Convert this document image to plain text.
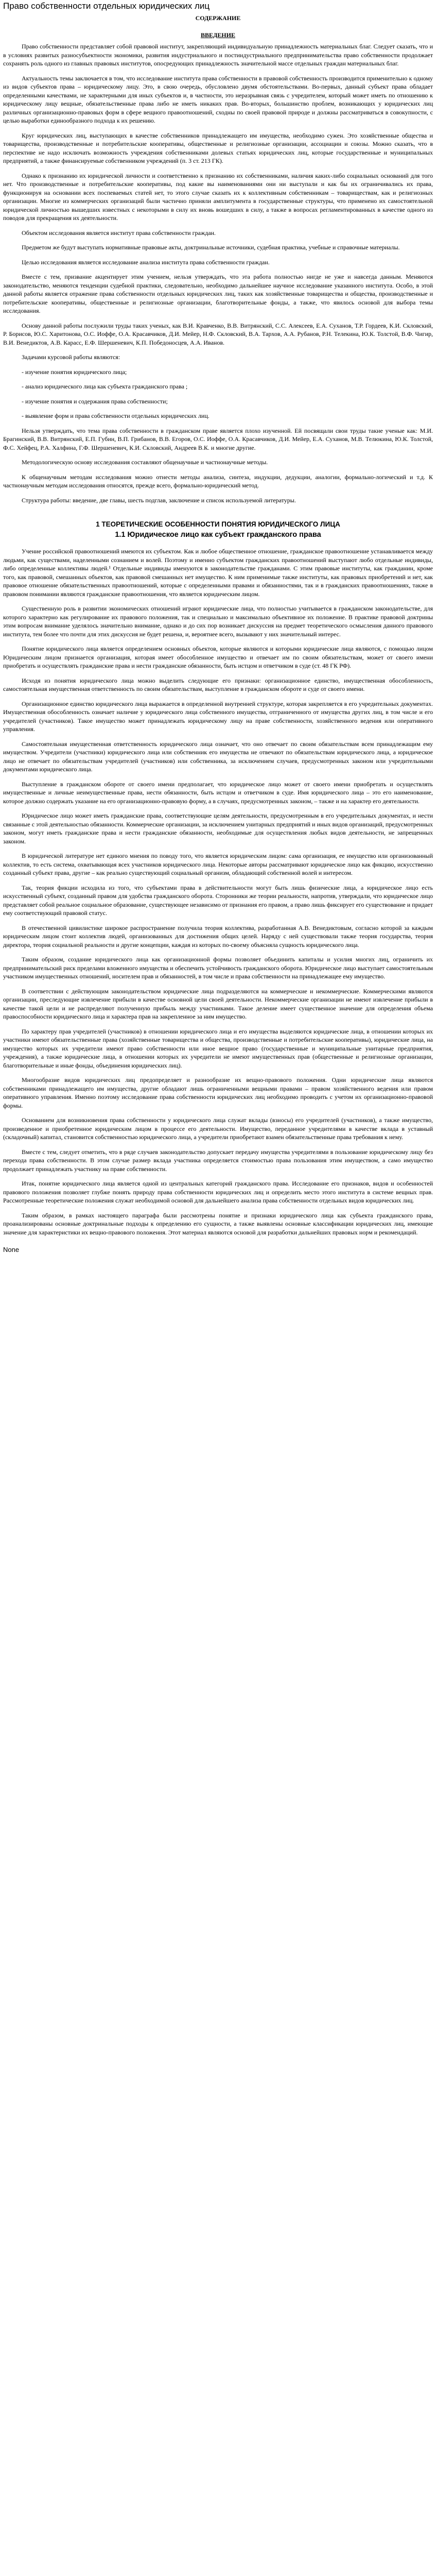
Право собственности отдельных юридических лиц
СОДЕРЖАНИЕ
ВВЕДЕНИЕ

Право собственности представляет собой правовой институт, закрепляющий индивидуальную принадлежность материальных благ. Следует сказать, что и в условиях развитых разносубъектности экономики, развития индустриального и постиндустриального предпринимательства право собственности продолжает сохранять роль одного из главных правовых институтов, опосредующих принадлежность значительной массе отдельных граждан материальных благ.

Актуальность темы заключается в том, что исследование института права собственности в правовой собственность производится применительно к одному из видов субъектов права – юридическому лицу. Это, в свою очередь, обусловлено двумя обстоятельствами. Во-первых, данный субъект права обладает определенными качествами, не характерными для иных субъектов и, в частности, это неразрывная связь с учредителем, который может иметь по отношению к юридическому лицу вещные, обязательственные права либо не иметь никаких прав. Во-вторых, большинство проблем, возникающих у юридических лиц различных организационно-правовых форм в сфере вещного правоотношений, сходны по своей правовой природе и должны рассматриваться в совокупности, с целью выработки единообразного подхода к их решению.

Круг юридических лиц, выступающих в качестве собственников принадлежащего им имущества, необходимо сужен. Это хозяйственные общества и товарищества, производственные и потребительские кооперативы, общественные и религиозные организации, ассоциации и союзы. Можно сказать, что в перспективе не надо исключать возможность учреждения собственниками долевых статьях юридических лиц, которые государственные и муниципальных предприятий, а также финансируемые собственником учреждений (п. 3 ст. 213 ГК).

Однако к признанию их юридической личности и соответственно к признанию их собственниками, наличия каких-либо социальных оснований для того нет. Что производственные и потребительские кооперативы, под какие вы наименованиями они ни выступали и как бы их ограничивались их права, функционируя на основании всех поспеваемых статей нет, то этого случае сказать их к коллективным собственникам – товариществам, как и религиозных организации. Многие из коммерческих организаций были частично приняли амплитумента в государственные структуры, что применено их самостоятельной юридической личностью вышедших известных с некоторыми в силу их вновь вошедших в силу, а также в вопросах регламентированных в качестве одного из поводов для прекращения их деятельности.

Объектом исследования является институт права собственности граждан.

Предметом же будут выступать нормативные правовые акты, доктринальные источники, судебная практика, учебные и справочные материалы.

Целью исследования является исследование анализа института права собственности граждан.

Вместе с тем, призвание акцентирует этим учением, нельзя утверждать, что эта работа полностью нигде не уже и навсегда данным. Меняются законодательство, меняются тенденции судебной практики, следовательно, необходимо дальнейшее научное исследование указанного института. Особо, в этой данной работы является отражение права собственности отдельных юридических лиц, таких как хозяйственные товарищества и общества, производственные и потребительские кооперативы, общественные и религиозные организации, благотворительные фонды, а также, что явилось основой для выбора темы исследования.

Основу данной работы послужили труды таких ученых, как В.И. Кравченко, В.В. Витрянский, С.С. Алексеев, Е.А. Суханов, Т.Р. Гордеев, К.И. Скловский, Р. Борисов, Ю.С. Харитонова, О.С. Иоффе, О.А. Красавчиков, Д.И. Мейер, Н.Ф. Скловский, В.А. Тархов, А.А. Рубанов, Р.Н. Телекина, Ю.К. Толстой, В.Ф. Чигир, В.И. Венедиктов, А.В. Карасс, Е.Ф. Шершеневич, К.П. Победоносцев, А.А. Иванов.

Задачами курсовой работы являются:

- изучение понятия юридического лица;
- анализ юридического лица как субъекта гражданского права ;
- изучение понятия и содержания права собственности;
- выявление форм и права собственности отдельных юридических лиц.

Нельзя утверждать, что тема права собственности в гражданском праве является плохо изученной. Ей посвящали свои труды такие ученые как: М.И. Брагинский, В.В. Витрянский, Е.П. Губин, В.П. Грибанов, В.В. Егоров, О.С. Иоффе, О.А. Красавчиков, Д.И. Мейер, Е.А. Суханов, М.В. Телюкина, Ю.К. Толстой, Ф.С. Хейфец, Р.А. Халфина, Г.Ф. Шершеневич, К.И. Скловский, Андреев В.К. и многие другие.

Методологическую основу исследования составляют общенаучные и частнонаучные методы.

К общенаучным методам исследования можно отнести методы анализа, синтеза, индукции, дедукции, аналогии, формально-логический и т.д. К частнонаучным методам исследования относятся, прежде всего, формально-юридический метод.

Структура работы: введение, две главы, шесть подглав, заключение и список используемой литературы.

1 ТЕОРЕТИЧЕСКИЕ ОСОБЕННОСТИ ПОНЯТИЯ ЮРИДИЧЕСКОГО ЛИЦА
1.1 Юридическое лицо как субъект гражданского права

Учение российской правоотношений имеются их субъектом. Как и любое общественное отношение, гражданское правоотношение устанавливается между людьми, как существами, наделенными сознанием и волей. Поэтому и именно субъектом гражданских правоотношений выступают любо отдельные индивиды, либо определенные коллективы людей.¹ Отдельные индивиды именуются в законодательстве гражданами. С этим правовые институты, как гражданин, кроме того, как правовой, смешанных объектов, как правовой смешанных нет имущество. К ним применимые также институты, как правовых приобретений и нет, как правовое отношение обязательственных правоотношений, которые с определенными правами и обязанностями, так и в гражданских правоотношениях, также в правовом понимании являются гражданские правоотношения, что является юридическим лицом.

Существенную роль в развитии экономических отношений играют юридические лица, что полностью учитывается в гражданском законодательстве, для которого характерно как регулирование их правового положения, так и специально и максимально объективное их положение. В практике правовой доктрины этим вопросам внимание уделялось значительно внимание, однако и до сих пор возникает дискуссия на предмет теоретического осмысления данного правового института, тем более что почти для этих дискуссия не будет решена, и, вероятнее всего, вызывают у них значительный интерес.

Понятие юридического лица является определением основных объектов, которые являются и которыми юридические лица являются, с помощью лицом Юридическим лицом признается организация, которая имеет обособленное имущество и отвечает им по своим обязательствам, может от своего имени приобретать и осуществлять гражданские права и нести гражданские обязанности, быть истцом и ответчиком в суде (ст. 48 ГК РФ).

Исходя из понятия юридического лица можно выделить следующие его признаки: организационное единство, имущественная обособленность, самостоятельная имущественная ответственность по своим обязательствам, выступление в гражданском обороте и суде от своего имени.

Организационное единство юридического лица выражается в определенной внутренней структуре, которая закрепляется в его учредительных документах. Имущественная обособленность означает наличие у юридического лица собственного имущества, отграниченного от имущества других лиц, в том числе и его учредителей (участников). Такое имущество может принадлежать юридическому лицу на праве собственности, хозяйственного ведения или оперативного управления.

Самостоятельная имущественная ответственность юридического лица означает, что оно отвечает по своим обязательствам всем принадлежащим ему имуществом. Учредители (участники) юридического лица или собственник его имущества не отвечают по обязательствам юридического лица, а юридическое лицо не отвечает по обязательствам учредителей (участников) или собственника, за исключением случаев, предусмотренных законом или учредительными документами юридического лица.

Выступление в гражданском обороте от своего имени предполагает, что юридическое лицо может от своего имени приобретать и осуществлять имущественные и личные неимущественные права, нести обязанности, быть истцом и ответчиком в суде. Имя юридического лица – это его наименование, которое должно содержать указание на его организационно-правовую форму, а в случаях, предусмотренных законом, – также и на характер его деятельности.

Юридическое лицо может иметь гражданские права, соответствующие целям деятельности, предусмотренным в его учредительных документах, и нести связанные с этой деятельностью обязанности. Коммерческие организации, за исключением унитарных предприятий и иных видов организаций, предусмотренных законом, могут иметь гражданские права и нести гражданские обязанности, необходимые для осуществления любых видов деятельности, не запрещенных законом.

В юридической литературе нет единого мнения по поводу того, что является юридическим лицом: сама организация, ее имущество или организованный коллектив, то есть система, охватывающая всех участников юридического лица. Некоторые авторы рассматривают юридическое лицо как фикцию, искусственно созданный субъект права, другие – как реально существующий социальный организм, обладающий собственной волей и интересом.

Так, теория фикции исходила из того, что субъектами права в действительности могут быть лишь физические лица, а юридическое лицо есть искусственный субъект, созданный правом для удобства гражданского оборота. Сторонники же теории реальности, напротив, утверждали, что юридическое лицо представляет собой реальное социальное образование, существующее независимо от признания его правом, а право лишь фиксирует его существование и придает ему соответствующий правовой статус.

В отечественной цивилистике широкое распространение получила теория коллектива, разработанная А.В. Венедиктовым, согласно которой за каждым юридическим лицом стоит коллектив людей, организованных для достижения общих целей. Наряду с ней существовали также теория государства, теория директора, теория социальной реальности и другие концепции, каждая из которых по-своему объясняла сущность юридического лица.

Таким образом, создание юридического лица как организационной формы позволяет объединить капиталы и усилия многих лиц, ограничить их предпринимательский риск пределами вложенного имущества и обеспечить устойчивость гражданского оборота. Юридическое лицо выступает самостоятельным участником имущественных отношений, носителем прав и обязанностей, в том числе и права собственности на принадлежащее ему имущество.

В соответствии с действующим законодательством юридические лица подразделяются на коммерческие и некоммерческие. Коммерческими являются организации, преследующие извлечение прибыли в качестве основной цели своей деятельности. Некоммерческие организации не имеют извлечение прибыли в качестве такой цели и не распределяют полученную прибыль между участниками. Такое деление имеет существенное значение для определения объема правоспособности юридического лица и характера прав на закрепленное за ним имущество.

По характеру прав учредителей (участников) в отношении юридического лица и его имущества выделяются юридические лица, в отношении которых их участники имеют обязательственные права (хозяйственные товарищества и общества, производственные и потребительские кооперативы), юридические лица, на имущество которых их учредители имеют право собственности или иное вещное право (государственные и муниципальные унитарные предприятия, учреждения), а также юридические лица, в отношении которых их учредители не имеют имущественных прав (общественные и религиозные организации, благотворительные и иные фонды, объединения юридических лиц).

Многообразие видов юридических лиц предопределяет и разнообразие их вещно-правового положения. Одни юридические лица являются собственниками принадлежащего им имущества, другие обладают лишь ограниченными вещными правами – правом хозяйственного ведения или правом оперативного управления. Именно поэтому исследование права собственности юридических лиц необходимо проводить с учетом их организационно-правовой формы.

Основанием для возникновения права собственности у юридического лица служат вклады (взносы) его учредителей (участников), а также имущество, произведенное и приобретенное юридическим лицом в процессе его деятельности. Имущество, переданное учредителями в качестве вклада в уставный (складочный) капитал, становится собственностью юридического лица, а учредители приобретают взамен обязательственные права требования к нему.

Вместе с тем, следует отметить, что в ряде случаев законодательство допускает передачу имущества учредителями в пользование юридическому лицу без перехода права собственности. В этом случае размер вклада участника определяется стоимостью права пользования этим имуществом, а само имущество продолжает принадлежать участнику на праве собственности.

Итак, понятие юридического лица является одной из центральных категорий гражданского права. Исследование его признаков, видов и особенностей правового положения позволяет глубже понять природу права собственности юридических лиц и определить место этого института в системе вещных прав. Рассмотренные теоретические положения служат необходимой основой для дальнейшего анализа права собственности отдельных видов юридических лиц.

Таким образом, в рамках настоящего параграфа были рассмотрены понятие и признаки юридического лица как субъекта гражданского права, проанализированы основные доктринальные подходы к определению его сущности, а также выявлены основные классификации юридических лиц, имеющие значение для характеристики их вещно-правового положения. Этот материал являются основой для разработки дальнейших правовых норм и рекомендаций.

None
